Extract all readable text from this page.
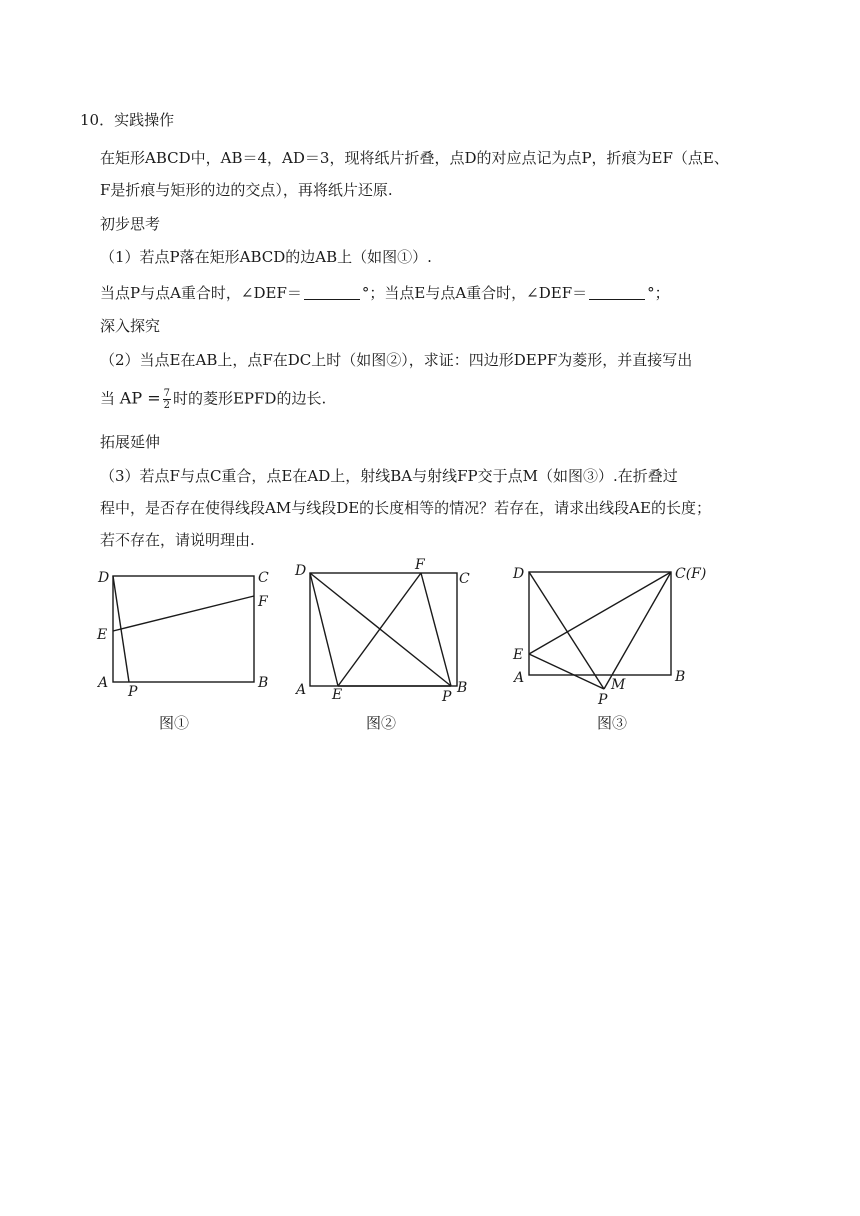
10．实践操作
在矩形ABCD中，AB＝4，AD＝3，现将纸片折叠，点D的对应点记为点P，折痕为EF（点E、
F是折痕与矩形的边的交点），再将纸片还原.
初步思考
（1）若点P落在矩形ABCD的边AB上（如图①）.
当点P与点A重合时，∠DEF＝	°；当点E与点A重合时，∠DEF＝	°；
深入探究
（2）当点E在AB上，点F在DC上时（如图②），求证：四边形DEPF为菱形，并直接写出
当 AP = $\frac{7}{2}$ 时的菱形EPFD的边长.
拓展延伸
（3）若点F与点C重合，点E在AD上，射线BA与射线FP交于点M（如图③）.在折叠过
程中，是否存在使得线段AM与线段DE的长度相等的情况？若存在，请求出线段AE的长度；
若不存在，请说明理由.
D	C
F
E
A
P
B
图①
D	F
C
A E	P
B
图②
D	C(F)
E
A	M	B
P
图③
